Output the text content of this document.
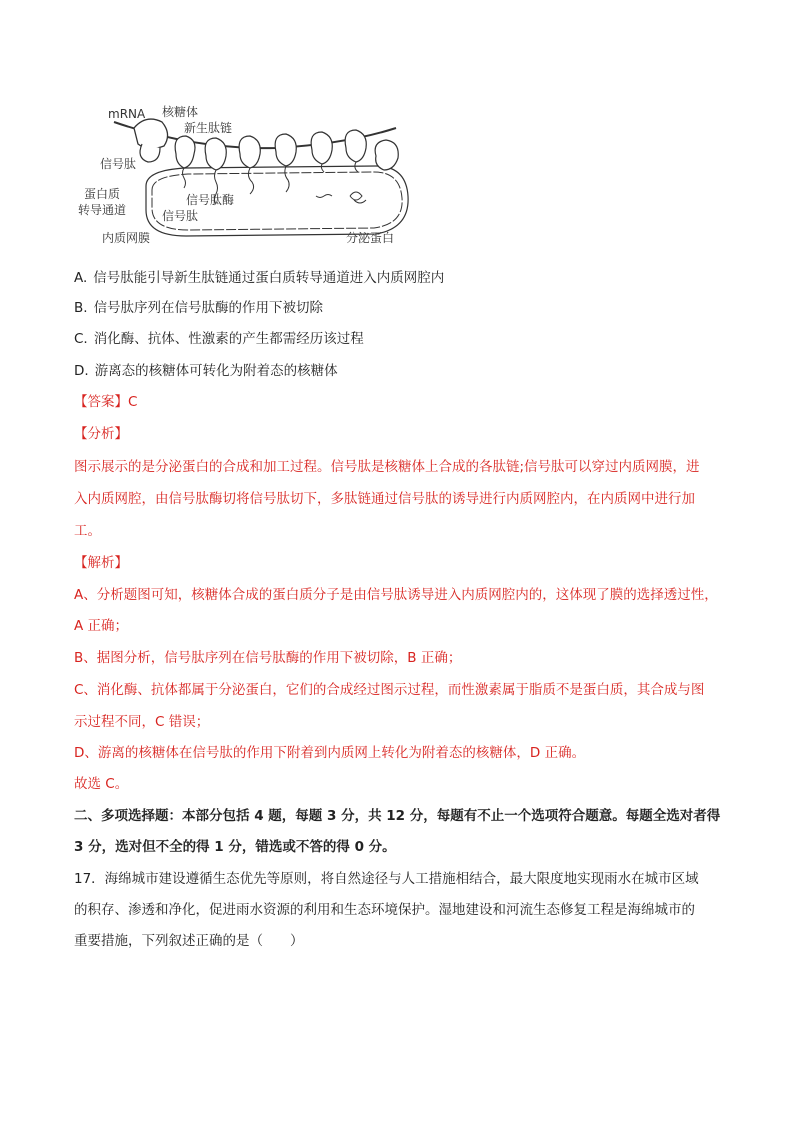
mRNA 核糖体
新生肽链
信号肽
蛋白质
转导通道
信号肽酶
信号肽
内质网膜	分泌蛋白
A. 信号肽能引导新生肽链通过蛋白质转导通道进入内质网腔内
B. 信号肽序列在信号肽酶的作用下被切除
C. 消化酶、抗体、性激素的产生都需经历该过程
D. 游离态的核糖体可转化为附着态的核糖体
【答案】C
【分析】
图示展示的是分泌蛋白的合成和加工过程。信号肽是核糖体上合成的各肽链;信号肽可以穿过内质网膜，进
入内质网腔，由信号肽酶切将信号肽切下，多肽链通过信号肽的诱导进行内质网腔内，在内质网中进行加
工。
【解析】
A、分析题图可知，核糖体合成的蛋白质分子是由信号肽诱导进入内质网腔内的，这体现了膜的选择透过性，
A 正确；
B、据图分析，信号肽序列在信号肽酶的作用下被切除，B 正确；
C、消化酶、抗体都属于分泌蛋白，它们的合成经过图示过程，而性激素属于脂质不是蛋白质，其合成与图
示过程不同，C 错误；
D、游离的核糖体在信号肽的作用下附着到内质网上转化为附着态的核糖体，D 正确。
故选 C。
二、多项选择题：本部分包括 4 题，每题 3 分，共 12 分，每题有不止一个选项符合题意。每题全选对者得
3 分，选对但不全的得 1 分，错选或不答的得 0 分。
17．海绵城市建设遵循生态优先等原则，将自然途径与人工措施相结合，最大限度地实现雨水在城市区域
的积存、渗透和净化，促进雨水资源的利用和生态环境保护。湿地建设和河流生态修复工程是海绵城市的
重要措施，下列叙述正确的是（　　）
